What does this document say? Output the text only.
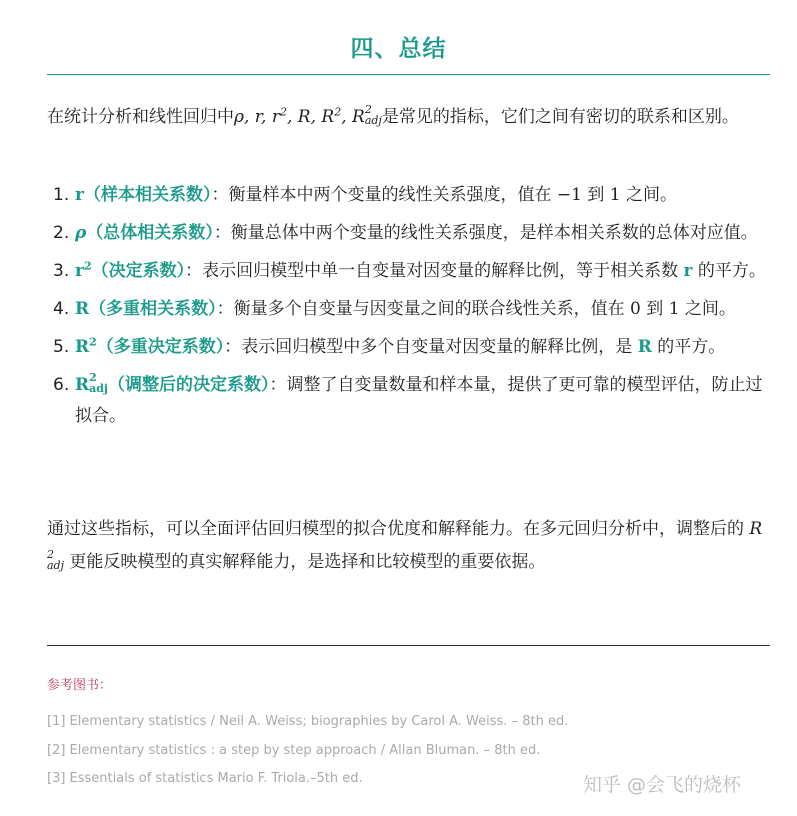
四、总结
在统计分析和线性回归中ρ, r, $r^2$, R, $R^2$, R 2
adj 是常见的指标，它们之间有密切的联系和区别。
1. r（样本相关系数）：衡量样本中两个变量的线性关系强度，值在 −1 到 1 之间。
2. ρ（总体相关系数）：衡量总体中两个变量的线性关系强度，是样本相关系数的总体对应值。
3. $r^2$（决定系数）：表示回归模型中单一自变量对因变量的解释比例，等于相关系数 r 的平方。
4. R（多重相关系数）：衡量多个自变量与因变量之间的联合线性关系，值在 0 到 1 之间。
5. $R^2$（多重决定系数）：表示回归模型中多个自变量对因变量的解释比例，是 R 的平方。
6. R 2
adj （调整后的决定系数）：调整了自变量数量和样本量，提供了更可靠的模型评估，防止过拟合。
通过这些指标，可以全面评估回归模型的拟合优度和解释能力。在多元回归分析中，调整后的 R
2
adj 更能反映模型的真实解释能力，是选择和比较模型的重要依据。
参考图书：
[1] Elementary statistics / Neil A. Weiss; biographies by Carol A. Weiss. – 8th ed.
[2] Elementary statistics : a step by step approach / Allan Bluman. – 8th ed.
[3] Essentials of statistics Mario F. Triola.–5th ed.	知乎 @会飞的烧杯
